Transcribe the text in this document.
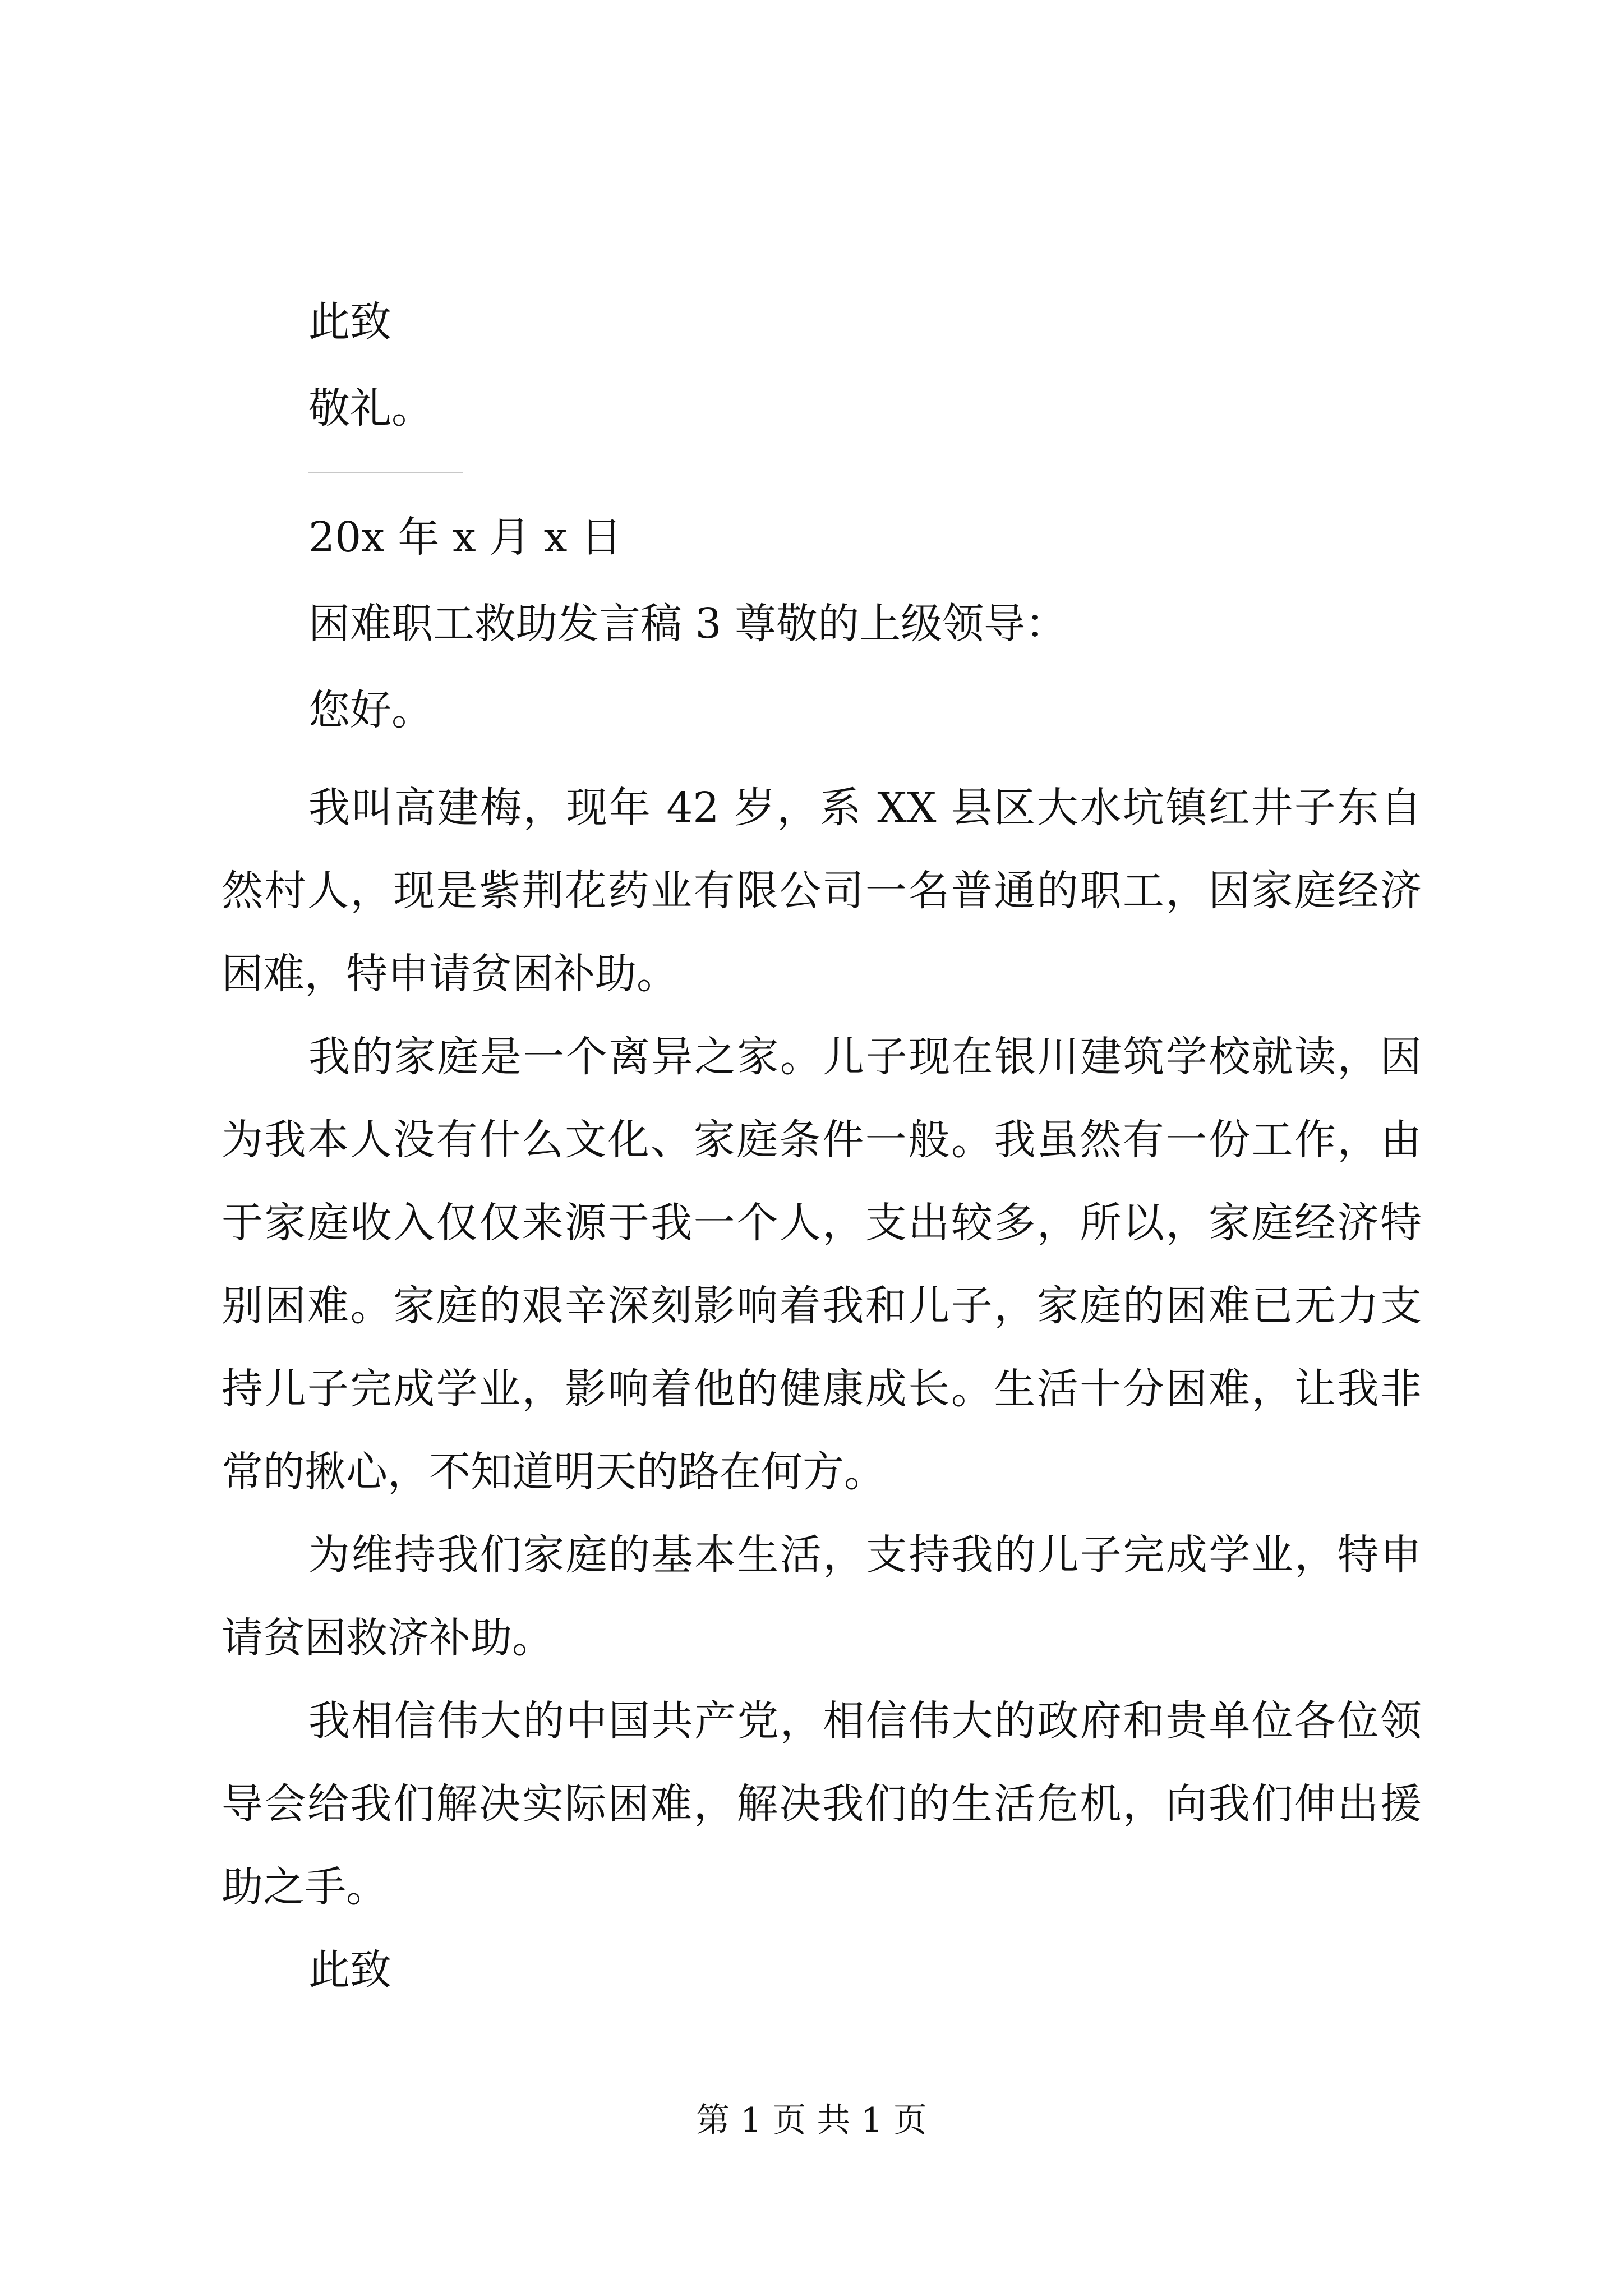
此致

敬礼。

20x 年 x 月 x 日

困难职工救助发言稿 3 尊敬的上级领导：

您好。

我叫高建梅，现年 42 岁，系 XX 县区大水坑镇红井子东自然村人，现是紫荆花药业有限公司一名普通的职工，因家庭经济困难，特申请贫困补助。

我的家庭是一个离异之家。儿子现在银川建筑学校就读，因为我本人没有什么文化、家庭条件一般。我虽然有一份工作，由于家庭收入仅仅来源于我一个人，支出较多，所以，家庭经济特别困难。家庭的艰辛深刻影响着我和儿子，家庭的困难已无力支持儿子完成学业，影响着他的健康成长。生活十分困难，让我非常的揪心，不知道明天的路在何方。

为维持我们家庭的基本生活，支持我的儿子完成学业，特申请贫困救济补助。

我相信伟大的中国共产党，相信伟大的政府和贵单位各位领导会给我们解决实际困难，解决我们的生活危机，向我们伸出援助之手。

此致

第 1 页 共 1 页
